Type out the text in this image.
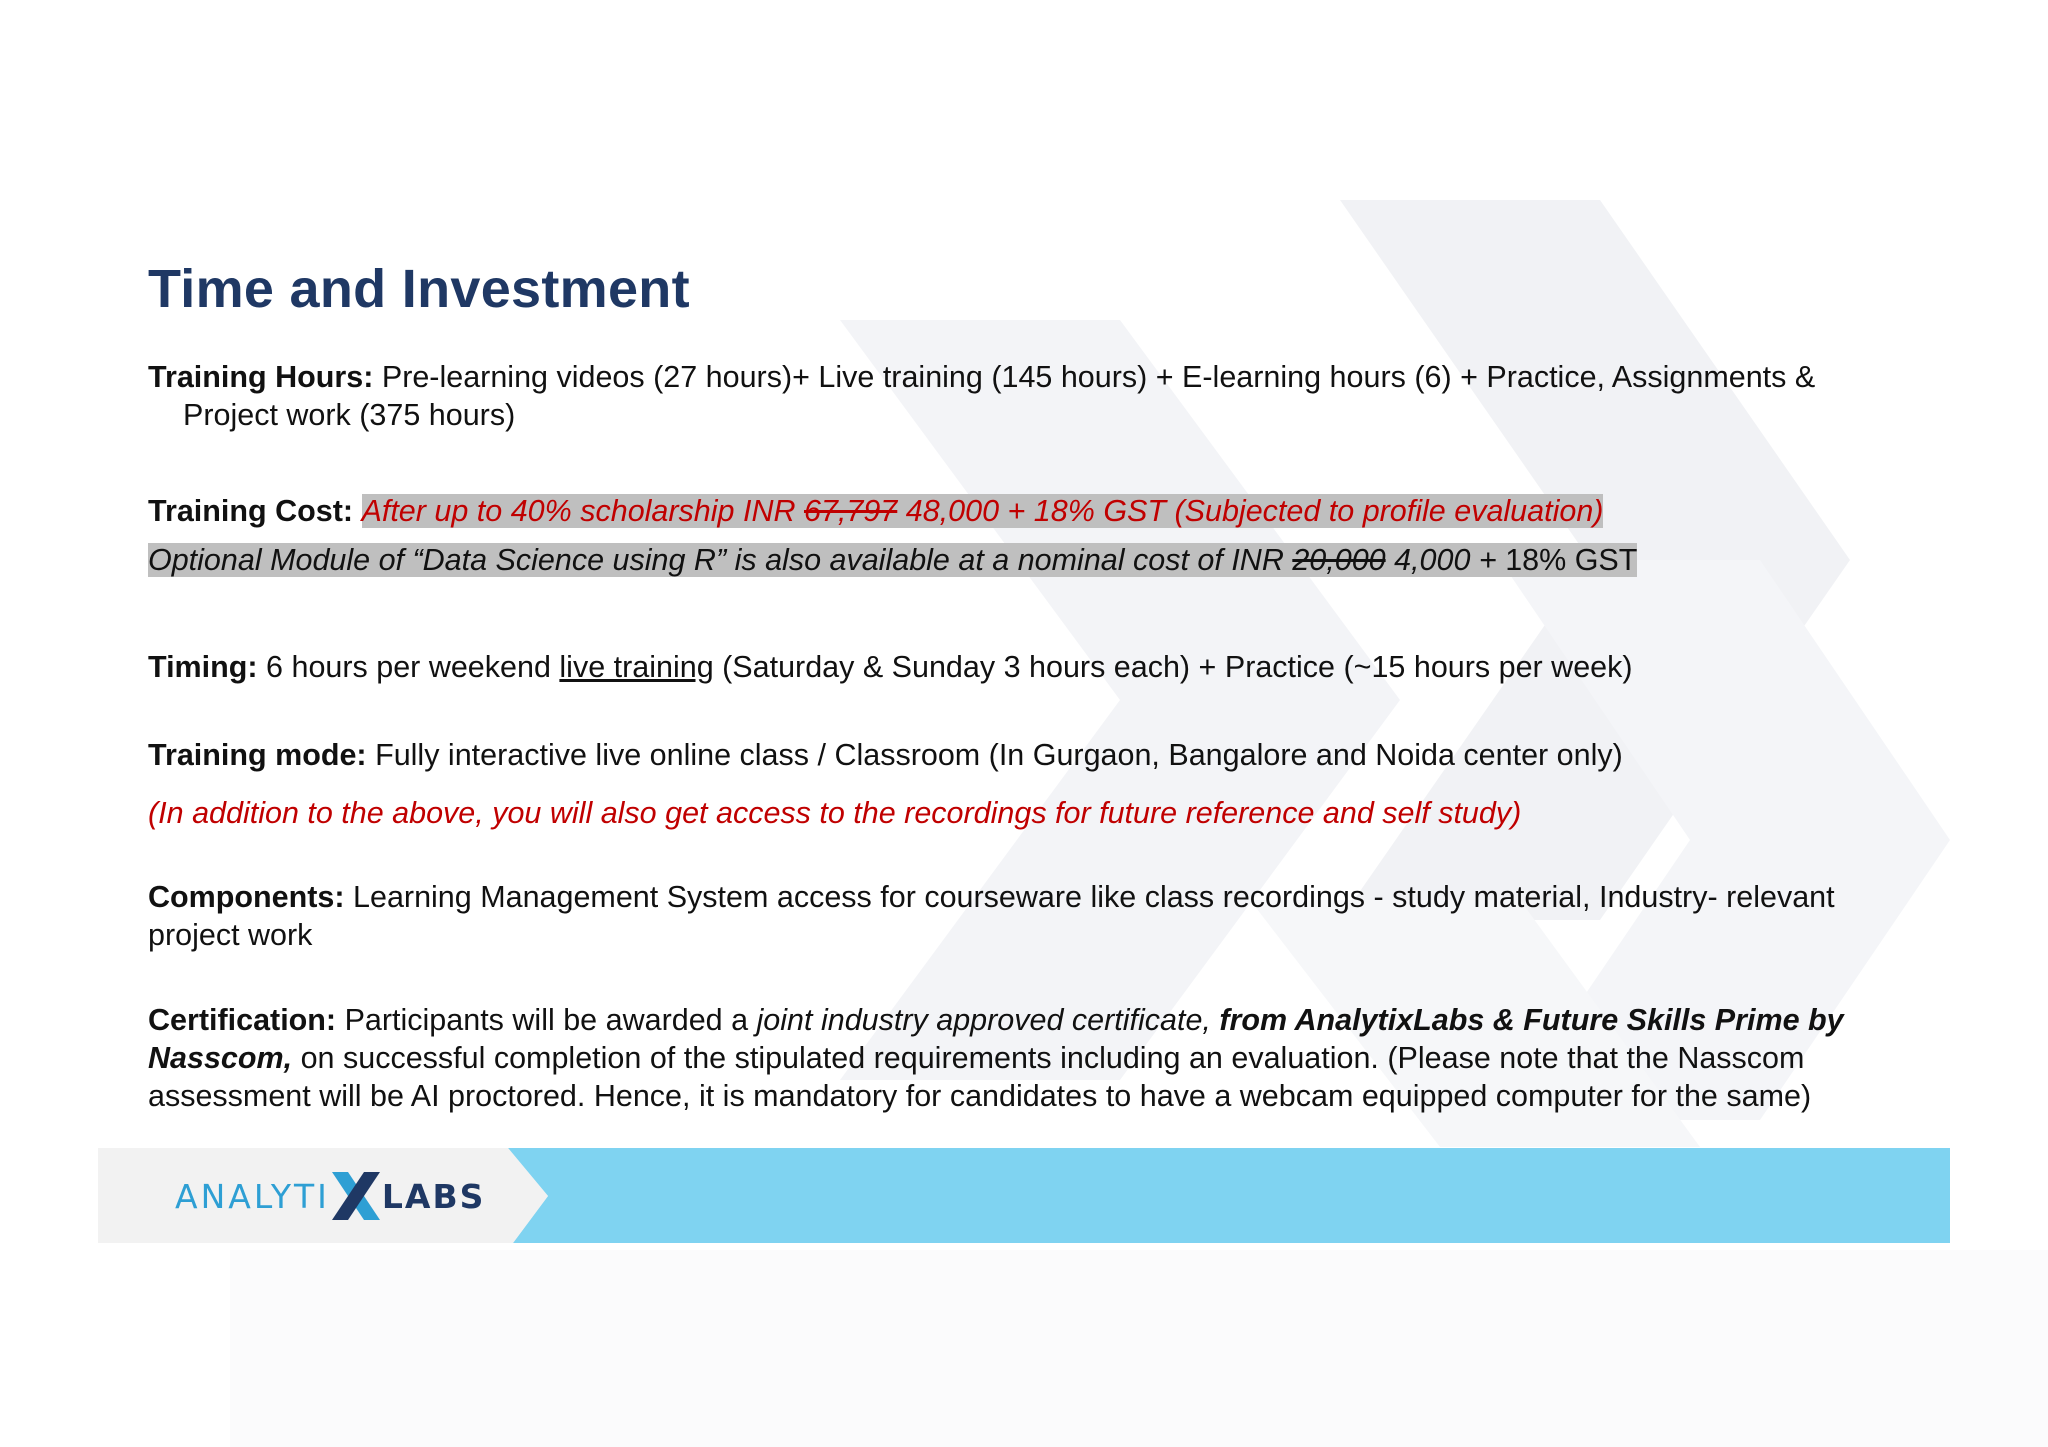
Time and Investment
Training Hours: Pre-learning videos (27 hours)+ Live training (145 hours) + E-learning hours (6) + Practice, Assignments &
Project work (375 hours)
Training Cost: After up to 40% scholarship INR 67,797 48,000 + 18% GST (Subjected to profile evaluation)
Optional Module of “Data Science using R” is also available at a nominal cost of INR 20,000 4,000 + 18% GST
Timing: 6 hours per weekend live training (Saturday & Sunday 3 hours each) + Practice (~15 hours per week)
Training mode: Fully interactive live online class / Classroom (In Gurgaon, Bangalore and Noida center only)
(In addition to the above, you will also get access to the recordings for future reference and self study)
Components: Learning Management System access for courseware like class recordings - study material, Industry- relevant
project work
Certification: Participants will be awarded a joint industry approved certificate, from AnalytixLabs & Future Skills Prime by
Nasscom, on successful completion of the stipulated requirements including an evaluation. (Please note that the Nasscom
assessment will be AI proctored. Hence, it is mandatory for candidates to have a webcam equipped computer for the same)
ANALYTI LABS
